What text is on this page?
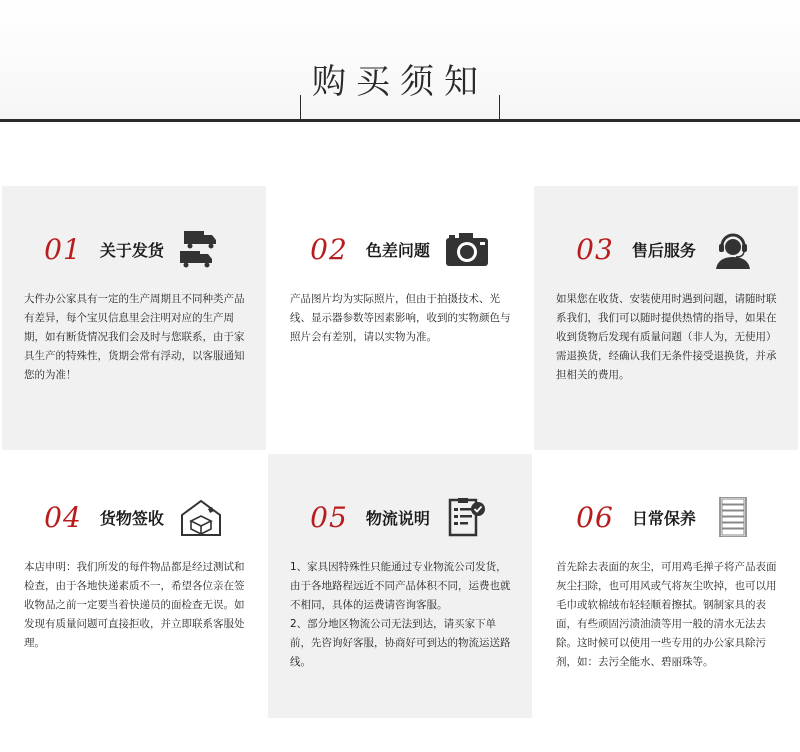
购买须知
01 关于发货
大件办公家具有一定的生产周期且不同种类产品有差异，每个宝贝信息里会注明对应的生产周期，如有断货情况我们会及时与您联系，由于家具生产的特殊性，货期会常有浮动，以客服通知您的为准！
02 色差问题
产品图片均为实际照片，但由于拍摄技术、光线、显示器参数等因素影响，收到的实物颜色与照片会有差别，请以实物为准。
03 售后服务
如果您在收货、安装使用时遇到问题，请随时联系我们，我们可以随时提供热情的指导，如果在收到货物后发现有质量问题（非人为，无使用）需退换货，经确认我们无条件接受退换货，并承担相关的费用。
04 货物签收
本店申明：我们所发的每件物品都是经过测试和检查，由于各地快递素质不一，希望各位亲在签收物品之前一定要当着快递员的面检查无误。如发现有质量问题可直接拒收，并立即联系客服处理。
05 物流说明
1、家具因特殊性只能通过专业物流公司发货，由于各地路程远近不同产品体积不同，运费也就不相同，具体的运费请咨询客服。
2、部分地区物流公司无法到达，请买家下单前，先咨询好客服，协商好可到达的物流运送路线。
06 日常保养
首先除去表面的灰尘，可用鸡毛掸子将产品表面灰尘扫除，也可用风或气将灰尘吹掉，也可以用毛巾或软棉绒布轻轻顺着擦拭。钢制家具的表面，有些顽固污渍油渍等用一般的清水无法去除。这时候可以使用一些专用的办公家具除污剂，如：去污全能水、碧丽珠等。
